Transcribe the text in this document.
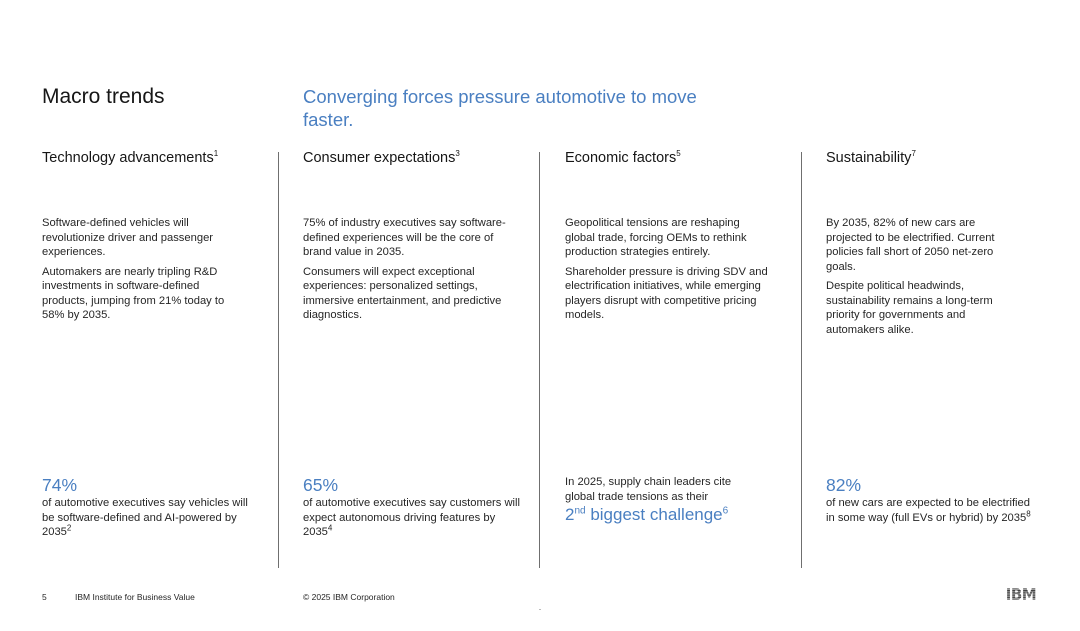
Macro trends	Converging forces pressure automotive to move faster.
Technology advancements$^1$

Software-defined vehicles will revolutionize driver and passenger experiences.

Automakers are nearly tripling R&D investments in software-defined products, jumping from 21% today to 58% by 2035.

Consumer expectations$^3$

75% of industry executives say software-defined experiences will be the core of brand value in 2035.

Consumers will expect exceptional experiences: personalized settings, immersive entertainment, and predictive diagnostics.

Economic factors$^5$

Geopolitical tensions are reshaping global trade, forcing OEMs to rethink production strategies entirely.

Shareholder pressure is driving SDV and electrification initiatives, while emerging players disrupt with competitive pricing models.

Sustainability$^7$

By 2035, 82% of new cars are projected to be electrified. Current policies fall short of 2050 net-zero goals.

Despite political headwinds, sustainability remains a long-term priority for governments and automakers alike.

74%
of automotive executives say vehicles will be software-defined and AI-powered by 2035$^2$
65%
of automotive executives say customers will expect autonomous driving features by 2035$^4$
In 2025, supply chain leaders cite global trade tensions as their
2nd biggest challenge$^6$
82%
of new cars are expected to be electrified in some way (full EVs or hybrid) by 2035$^8$
5	IBM Institute for Business Value	© 2025 IBM Corporation	IBM
